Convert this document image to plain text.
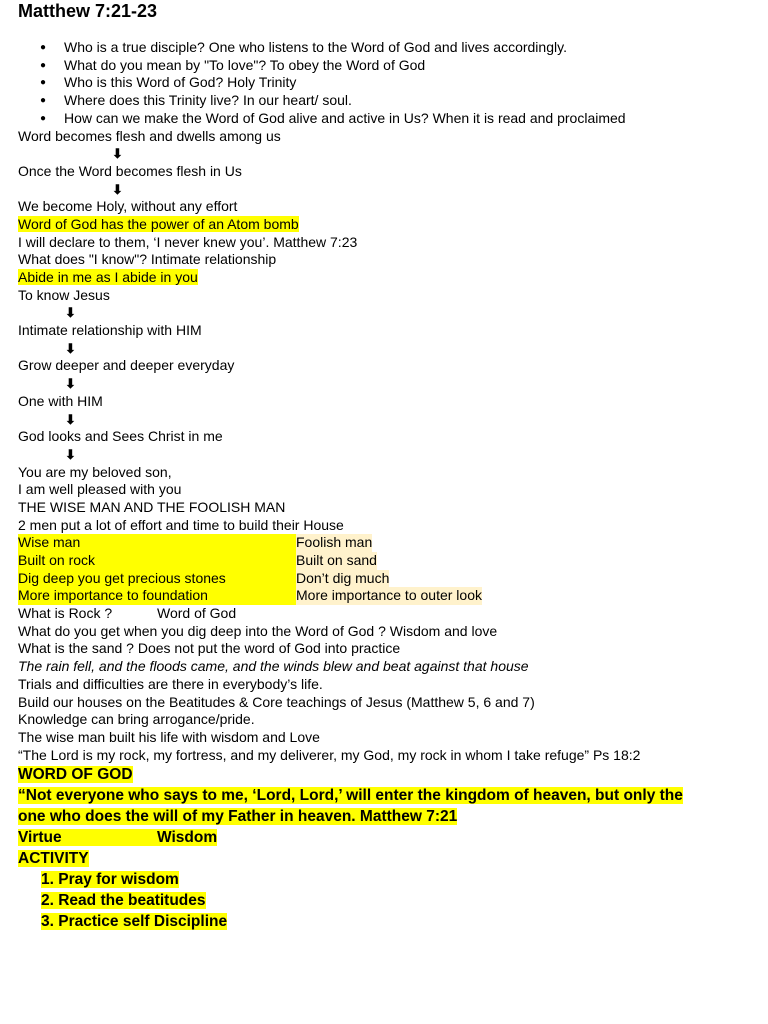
Matthew 7:21-23
● Who is a true disciple? One who listens to the Word of God and lives accordingly.
● What do you mean by "To love"? To obey the Word of God
● Who is this Word of God? Holy Trinity
● Where does this Trinity live? In our heart/ soul.
● How can we make the Word of God alive and active in Us? When it is read and proclaimed
Word becomes flesh and dwells among us
⬇
Once the Word becomes flesh in Us
⬇
We become Holy, without any effort
Word of God has the power of an Atom bomb
I will declare to them, ‘I never knew you’. Matthew 7:23
What does "I know"? Intimate relationship
Abide in me as I abide in you
To know Jesus
⬇
Intimate relationship with HIM
⬇
Grow deeper and deeper everyday
⬇
One with HIM
⬇
God looks and Sees Christ in me
⬇
You are my beloved son,
I am well pleased with you
THE WISE MAN AND THE FOOLISH MAN
2 men put a lot of effort and time to build their House
Wise man	Foolish man
Built on rock	Built on sand
Dig deep you get precious stones	Don’t dig much
More importance to foundation	More importance to outer look
What is Rock ?	Word of God
What do you get when you dig deep into the Word of God ? Wisdom and love
What is the sand ? Does not put the word of God into practice
The rain fell, and the floods came, and the winds blew and beat against that house
Trials and difficulties are there in everybody’s life.
Build our houses on the Beatitudes & Core teachings of Jesus (Matthew 5, 6 and 7)
Knowledge can bring arrogance/pride.
The wise man built his life with wisdom and Love
“The Lord is my rock, my fortress, and my deliverer, my God, my rock in whom I take refuge” Ps 18:2
WORD OF GOD
“Not everyone who says to me, ‘Lord, Lord,’ will enter the kingdom of heaven, but only the
one who does the will of my Father in heaven. Matthew 7:21
Virtue	Wisdom
ACTIVITY
1. Pray for wisdom
2. Read the beatitudes
3. Practice self Discipline
